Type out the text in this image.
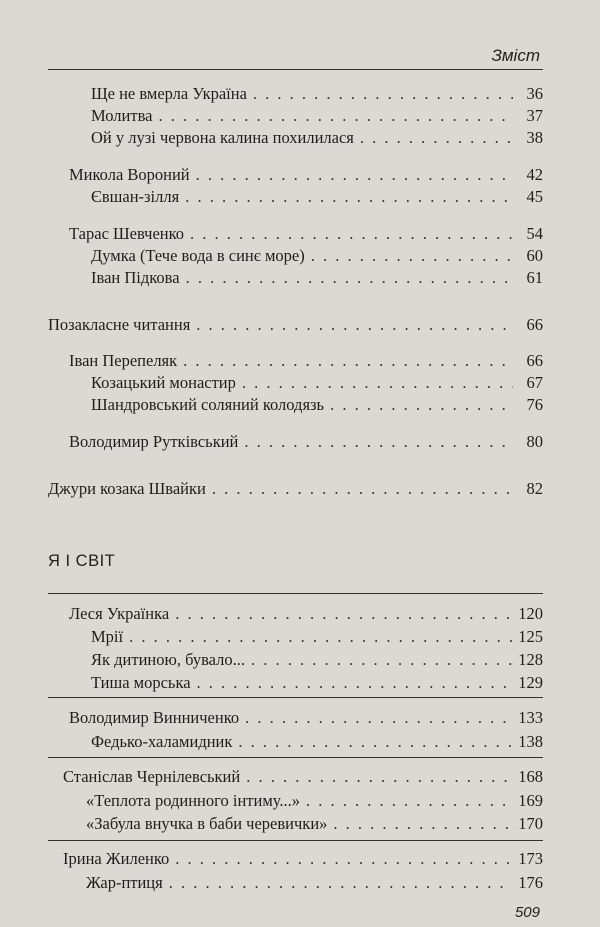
Зміст
Ще не вмерла Україна . . .	36
Молитва . . .	37
Ой у лузі червона калина похилилася . . .	38
Микола Вороний . . .	42
Євшан-зілля . . .	45
Тарас Шевченко . . .	54
Думка (Тече вода в синє море) . . .	60
Іван Підкова . . .	61
Позакласне читання . . .	66
Іван Перепеляк . . .	66
Козацький монастир . . .	67
Шандровський соляний колодязь . . .	76
Володимир Рутківський . . .	80
Джури козака Швайки . . .	82
Я І СВІТ
Леся Українка . . .	120
Мрії . . .	125
Як дитиною, бувало... . . .	128
Тиша морська . . .	129
Володимир Винниченко . . .	133
Федько-халамидник . . .	138
Станіслав Чернілевський . . .	168
«Теплота родинного інтиму...» . . .	169
«Забула внучка в баби черевички» . . .	170
Ірина Жиленко . . .	173
Жар-птиця . . .	176
509
